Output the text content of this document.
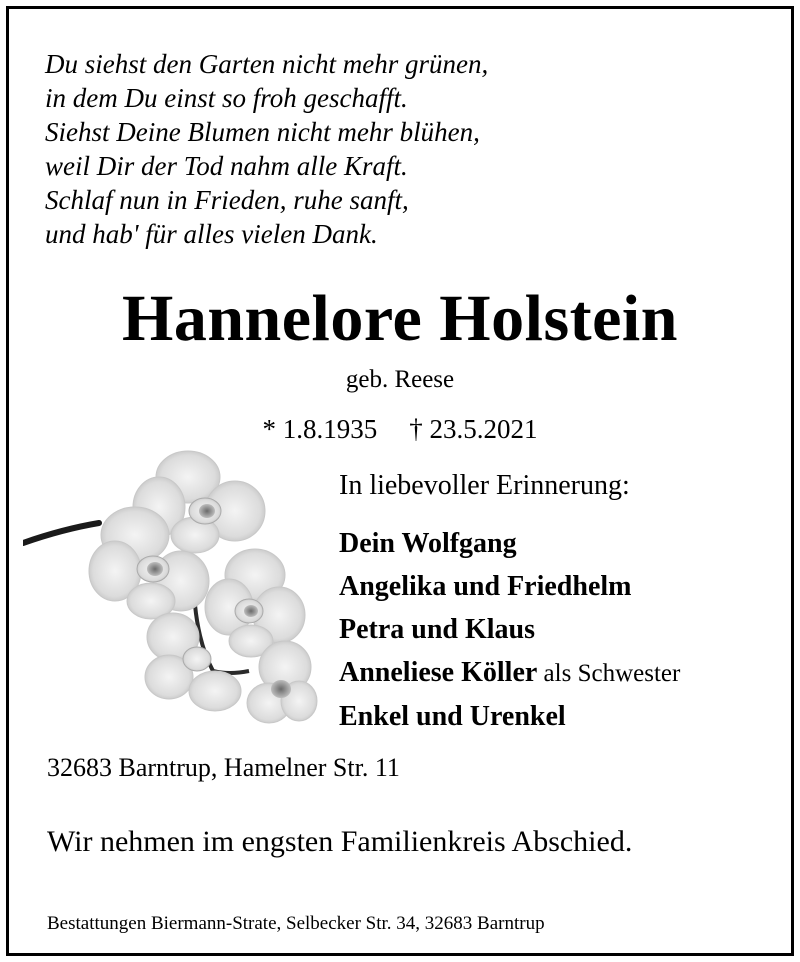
Du siehst den Garten nicht mehr grünen,
in dem Du einst so froh geschafft.
Siehst Deine Blumen nicht mehr blühen,
weil Dir der Tod nahm alle Kraft.
Schlaf nun in Frieden, ruhe sanft,
und hab' für alles vielen Dank.
Hannelore Holstein
geb. Reese
* 1.8.1935 † 23.5.2021
In liebevoller Erinnerung:
Dein Wolfgang
Angelika und Friedhelm
Petra und Klaus
Anneliese Köller als Schwester
Enkel und Urenkel
32683 Barntrup, Hamelner Str. 11
Wir nehmen im engsten Familienkreis Abschied.
Bestattungen Biermann-Strate, Selbecker Str. 34, 32683 Barntrup
